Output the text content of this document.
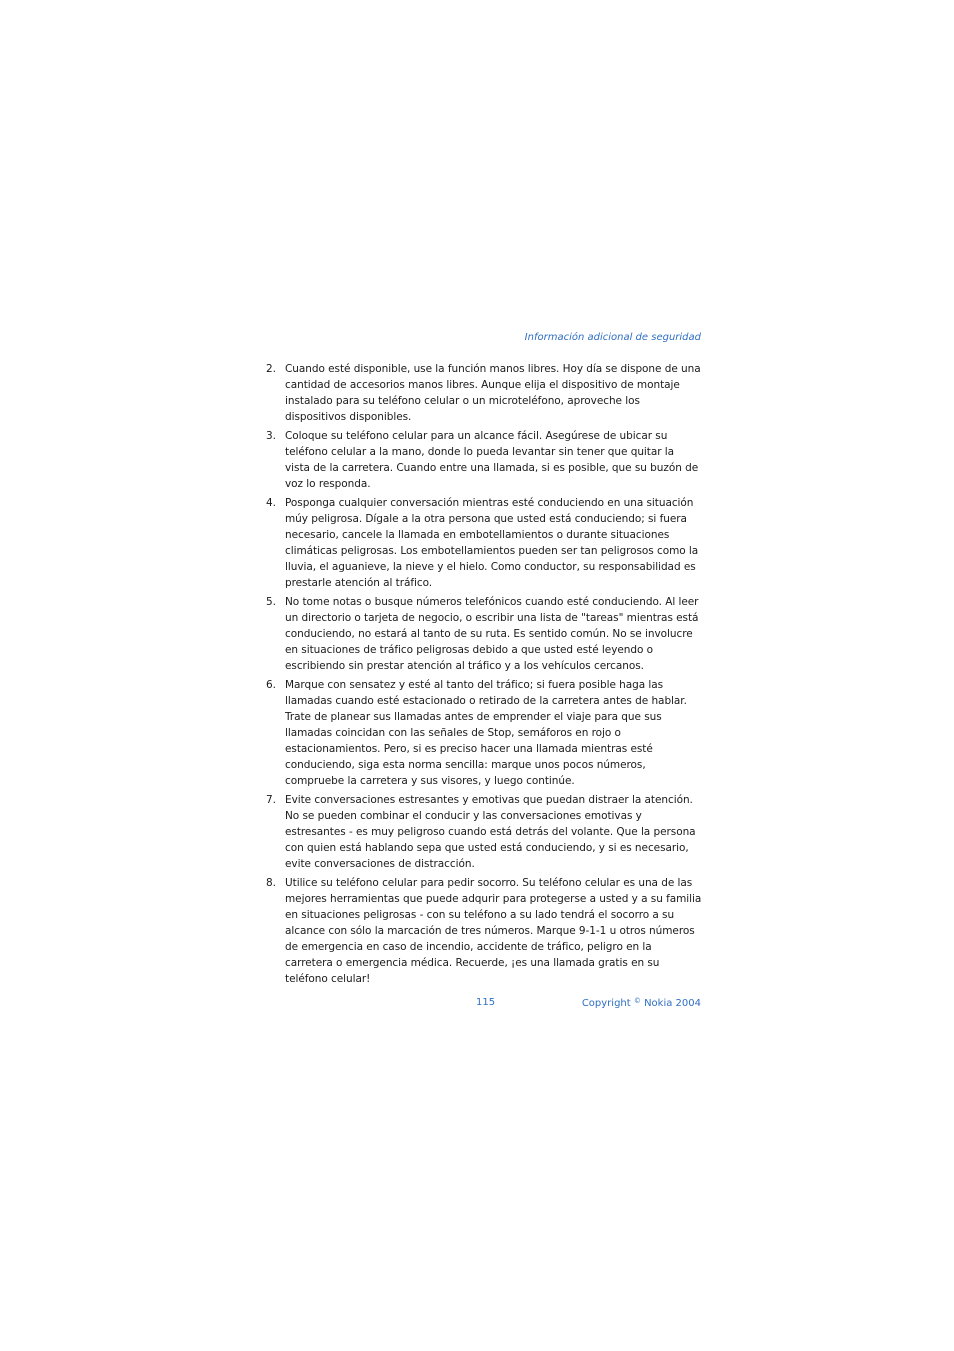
Información adicional de seguridad
2. Cuando esté disponible, use la función manos libres. Hoy día se dispone de una cantidad de accesorios manos libres. Aunque elija el dispositivo de montaje instalado para su teléfono celular o un microteléfono, aproveche los dispositivos disponibles.
3. Coloque su teléfono celular para un alcance fácil. Asegúrese de ubicar su teléfono celular a la mano, donde lo pueda levantar sin tener que quitar la vista de la carretera. Cuando entre una llamada, si es posible, que su buzón de voz lo responda.
4. Posponga cualquier conversación mientras esté conduciendo en una situación múy peligrosa. Dígale a la otra persona que usted está conduciendo; si fuera necesario, cancele la llamada en embotellamientos o durante situaciones climáticas peligrosas. Los embotellamientos pueden ser tan peligrosos como la lluvia, el aguanieve, la nieve y el hielo. Como conductor, su responsabilidad es prestarle atención al tráfico.
5. No tome notas o busque números telefónicos cuando esté conduciendo. Al leer un directorio o tarjeta de negocio, o escribir una lista de "tareas" mientras está conduciendo, no estará al tanto de su ruta. Es sentido común. No se involucre en situaciones de tráfico peligrosas debido a que usted esté leyendo o escribiendo sin prestar atención al tráfico y a los vehículos cercanos.
6. Marque con sensatez y esté al tanto del tráfico; si fuera posible haga las llamadas cuando esté estacionado o retirado de la carretera antes de hablar. Trate de planear sus llamadas antes de emprender el viaje para que sus llamadas coincidan con las señales de Stop, semáforos en rojo o estacionamientos. Pero, si es preciso hacer una llamada mientras esté conduciendo, siga esta norma sencilla: marque unos pocos números, compruebe la carretera y sus visores, y luego continúe.
7. Evite conversaciones estresantes y emotivas que puedan distraer la atención. No se pueden combinar el conducir y las conversaciones emotivas y estresantes - es muy peligroso cuando está detrás del volante. Que la persona con quien está hablando sepa que usted está conduciendo, y si es necesario, evite conversaciones de distracción.
8. Utilice su teléfono celular para pedir socorro. Su teléfono celular es una de las mejores herramientas que puede adqurir para protegerse a usted y a su familia en situaciones peligrosas - con su teléfono a su lado tendrá el socorro a su alcance con sólo la marcación de tres números. Marque 9-1-1 u otros números de emergencia en caso de incendio, accidente de tráfico, peligro en la carretera o emergencia médica. Recuerde, ¡es una llamada gratis en su teléfono celular!
115	Copyright © Nokia 2004
